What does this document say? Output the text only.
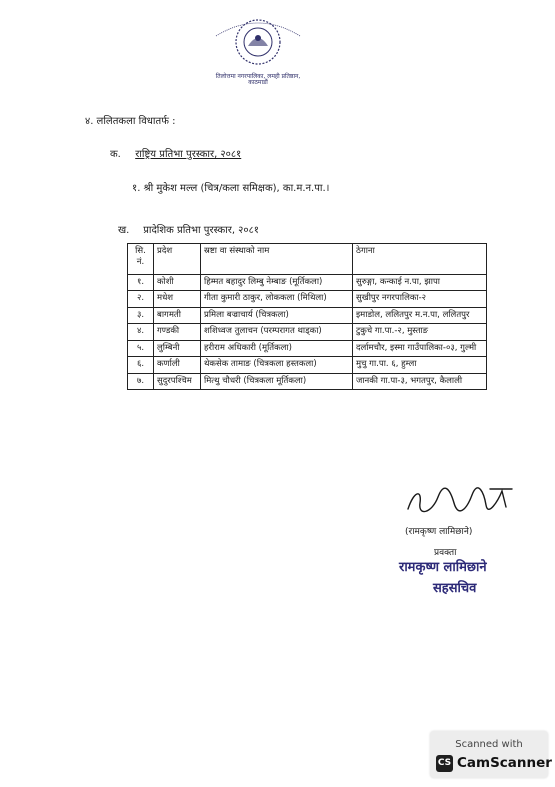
तिलोत्तमा नगरपालिका, लमही प्रतिष्ठान, काठमाडौं
४. ललितकला विधातर्फ :
क. राष्ट्रिय प्रतिभा पुरस्कार, २०८१
१. श्री मुकेश मल्ल (चित्र/कला समिक्षक), का.म.न.पा.।
ख. प्रादेशिक प्रतिभा पुरस्कार, २०८१
सि. नं.	प्रदेश	स्रष्टा वा संस्थाको नाम	ठेगाना
१.	कोशी	हिम्मत बहादुर लिम्बु नेम्बाङ (मूर्तिकला)	सुरुङ्गा, कन्काई न.पा, झापा
२.	मधेश	गीता कुमारी ठाकुर, लोककला (मिथिला)	सुखीपुर नगरपालिका-२
३.	बागमती	प्रमिला बज्राचार्य (चित्रकला)	इमाडोल, ललितपुर म.न.पा, ललितपुर
४.	गण्डकी	शशिध्वज तुलाचन (परम्परागत थाड्का)	टुकुचे गा.पा.-२, मुस्ताङ
५.	लुम्बिनी	हरीराम अधिकारी (मूर्तिकला)	दर्लामचौर, इस्मा गाउँपालिका-०३, गुल्मी
६.	कर्णाली	थेकसेक तामाङ (चित्रकला हस्तकला)	मुचु गा.पा. ६, हुम्ला
७.	सुदुरपश्चिम	मित्थु चौधरी (चित्रकला मूर्तिकला)	जानकी गा.पा-३, भगतपुर, कैलाली
(रामकृष्ण लामिछाने)
प्रवक्ता
रामकृष्ण लामिछाने
सहसचिव
Scanned with
CS CamScanner
